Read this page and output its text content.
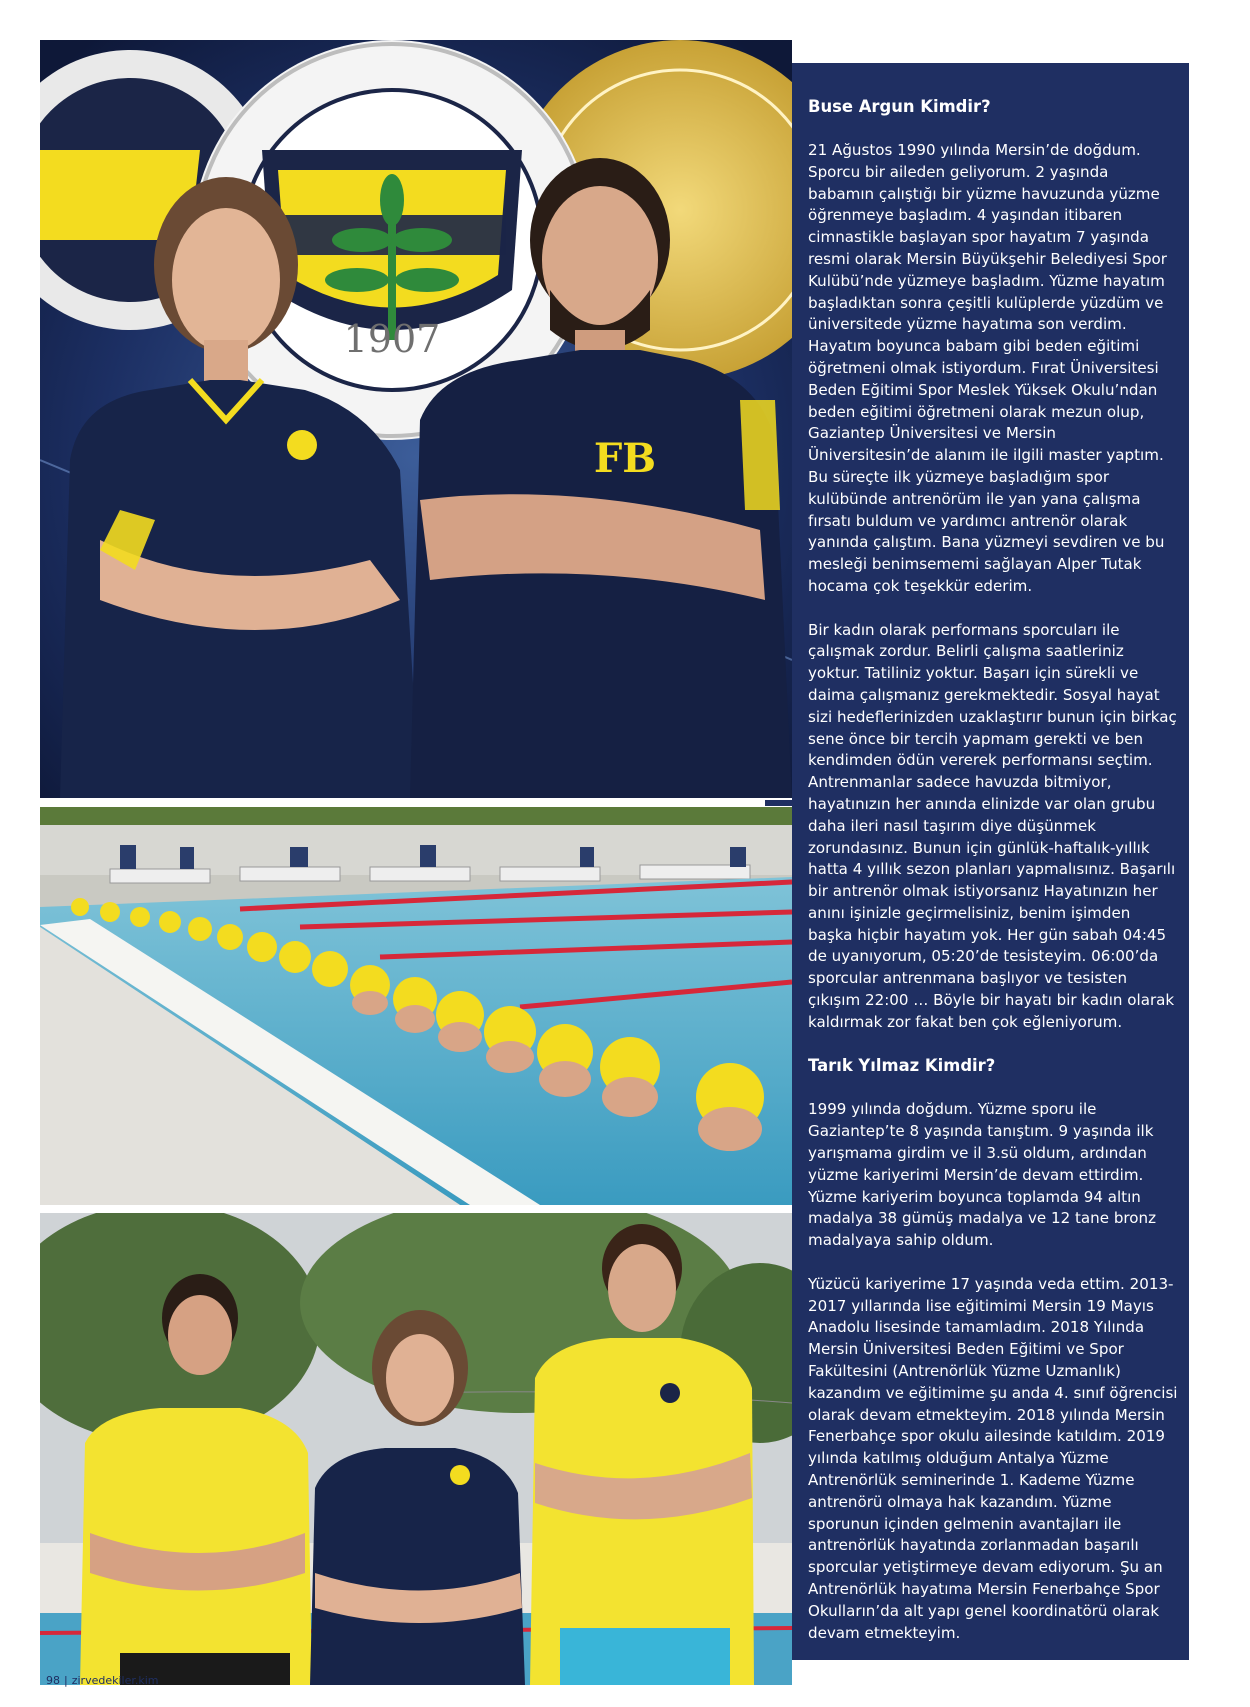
1907
FB
Buse Argun Kimdir?

21 Ağustos 1990 yılında Mersin’de doğdum. Sporcu bir aileden geliyorum. 2 yaşında babamın çalıştığı bir yüzme havuzunda yüzme öğrenmeye başladım. 4 yaşından itibaren cimnastikle başlayan spor hayatım 7 yaşında resmi olarak Mersin Büyükşehir Belediyesi Spor Kulübü’nde yüzmeye başladım. Yüzme hayatım başladıktan sonra çeşitli kulüplerde yüzdüm ve üniversitede yüzme hayatıma son verdim. Hayatım boyunca babam gibi beden eğitimi öğretmeni olmak istiyordum. Fırat Üniversitesi Beden Eğitimi Spor Meslek Yüksek Okulu’ndan beden eğitimi öğretmeni olarak mezun olup, Gaziantep Üniversitesi ve Mersin Üniversitesin’de alanım ile ilgili master yaptım. Bu süreçte ilk yüzmeye başladığım spor kulübünde antrenörüm ile yan yana çalışma fırsatı buldum ve yardımcı antrenör olarak yanında çalıştım. Bana yüzmeyi sevdiren ve bu mesleği benimsememi sağlayan Alper Tutak hocama çok teşekkür ederim.

Bir kadın olarak performans sporcuları ile çalışmak zordur. Belirli çalışma saatleriniz yoktur. Tatiliniz yoktur. Başarı için sürekli ve daima çalışmanız gerekmektedir. Sosyal hayat sizi hedeflerinizden uzaklaştırır bunun için birkaç sene önce bir tercih yapmam gerekti ve ben kendimden ödün vererek performansı seçtim. Antrenmanlar sadece havuzda bitmiyor, hayatınızın her anında elinizde var olan grubu daha ileri nasıl taşırım diye düşünmek zorundasınız. Bunun için günlük-haftalık-yıllık hatta 4 yıllık sezon planları yapmalısınız. Başarılı bir antrenör olmak istiyorsanız Hayatınızın her anını işinizle geçirmelisiniz, benim işimden başka hiçbir hayatım yok. Her gün sabah 04:45 de uyanıyorum, 05:20’de tesisteyim. 06:00’da sporcular antrenmana başlıyor ve tesisten çıkışım 22:00 … Böyle bir hayatı bir kadın olarak kaldırmak zor fakat ben çok eğleniyorum.

Tarık Yılmaz Kimdir?

1999 yılında doğdum. Yüzme sporu ile Gaziantep’te 8 yaşında tanıştım. 9 yaşında ilk yarışmama girdim ve il 3.sü oldum, ardından yüzme kariyerimi Mersin’de devam ettirdim. Yüzme kariyerim boyunca toplamda 94 altın madalya 38 gümüş madalya ve 12 tane bronz madalyaya sahip oldum.

Yüzücü kariyerime 17 yaşında veda ettim. 2013-2017 yıllarında lise eğitimimi Mersin 19 Mayıs Anadolu lisesinde tamamladım. 2018 Yılında Mersin Üniversitesi Beden Eğitimi ve Spor Fakültesini (Antrenörlük Yüzme Uzmanlık) kazandım ve eğitimime şu anda 4. sınıf öğrencisi olarak devam etmekteyim. 2018 yılında Mersin Fenerbahçe spor okulu ailesinde katıldım. 2019 yılında katılmış olduğum Antalya Yüzme Antrenörlük seminerinde 1. Kademe Yüzme antrenörü olmaya hak kazandım. Yüzme sporunun içinden gelmenin avantajları ile antrenörlük hayatında zorlanmadan başarılı sporcular yetiştirmeye devam ediyorum. Şu an Antrenörlük hayatıma Mersin Fenerbahçe Spor Okulların’da alt yapı genel koordinatörü olarak devam etmekteyim.

98 | zirvedekiler.kim
